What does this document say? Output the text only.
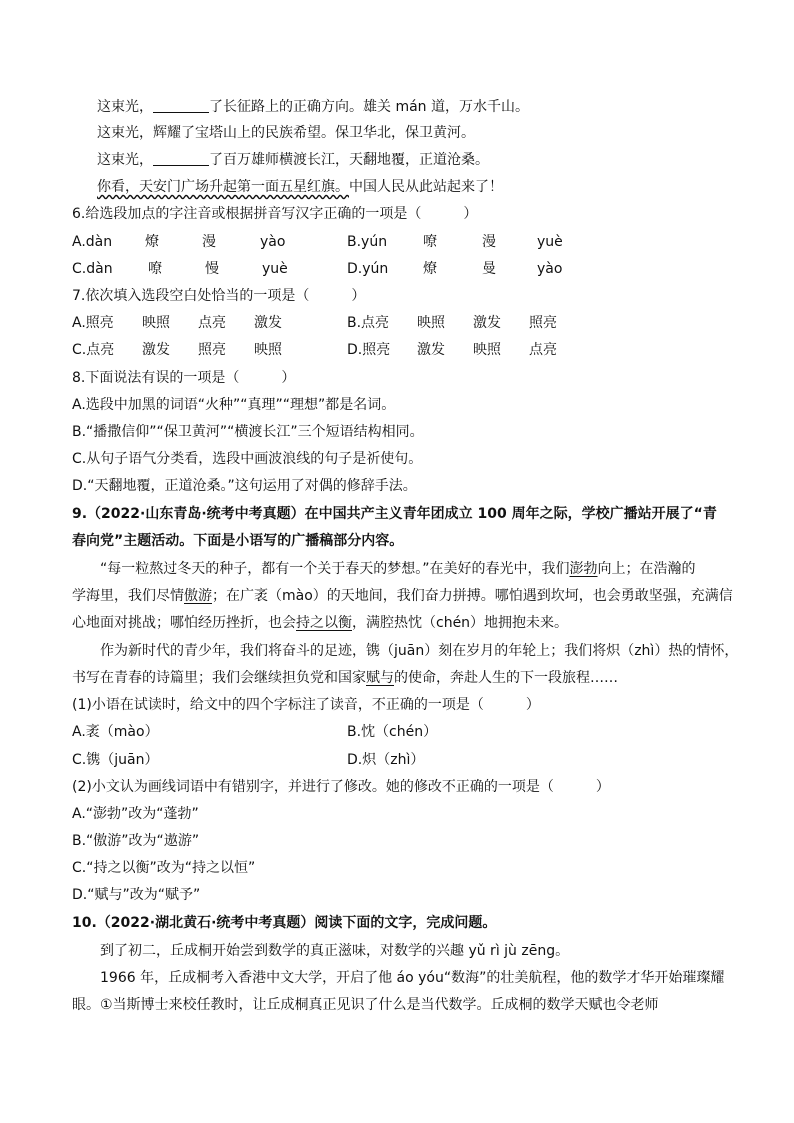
这束光，	了长征路上的正确方向。雄关 mán 道，万水千山。
这束光，辉耀了宝塔山上的民族希望。保卫华北，保卫黄河。
这束光，	了百万雄师横渡长江，天翻地覆，正道沧桑。
你看，天安门广场升起第一面五星红旗。中国人民从此站起来了！
6.给选段加点的字注音或根据拼音写汉字正确的一项是（　　　）
A.dàn 燎	漫	yào	B.yún	嘹	漫	yuè
C.dàn	嘹	慢	yuè	D.yún 燎	曼	yào
7.依次填入选段空白处恰当的一项是（　　　）
A.照亮 映照 点亮 激发	B.点亮 映照 激发 照亮
C.点亮 激发 照亮 映照	D.照亮 激发 映照 点亮
8.下面说法有误的一项是（　　　）
A.选段中加黑的词语“火种”“真理”“理想”都是名词。
B.“播撒信仰”“保卫黄河”“横渡长江”三个短语结构相同。
C.从句子语气分类看，选段中画波浪线的句子是祈使句。
D.“天翻地覆，正道沧桑。”这句运用了对偶的修辞手法。
9.（2022·山东青岛·统考中考真题）在中国共产主义青年团成立 100 周年之际，学校广播站开展了“青
春向党”主题活动。下面是小语写的广播稿部分内容。
　　“每一粒熬过冬天的种子，都有一个关于春天的梦想。”在美好的春光中，我们澎勃向上；在浩瀚的
学海里，我们尽情傲游；在广袤（mào）的天地间，我们奋力拼搏。哪怕遇到坎坷，也会勇敢坚强，充满信
心地面对挑战；哪怕经历挫折，也会持之以衡，满腔热忱（chén）地拥抱未来。
　　作为新时代的青少年，我们将奋斗的足迹，镌（juān）刻在岁月的年轮上；我们将炽（zhì）热的情怀，
书写在青春的诗篇里；我们会继续担负党和国家赋与的使命，奔赴人生的下一段旅程……
(1)小语在试读时，给文中的四个字标注了读音，不正确的一项是（　　　）
A.袤（mào）	B.忱（chén）
C.镌（juān）	D.炽（zhì）
(2)小文认为画线词语中有错别字，并进行了修改。她的修改不正确的一项是（　　　）
A.“澎勃”改为“蓬勃”
B.“傲游”改为“遨游”
C.“持之以衡”改为“持之以恒”
D.“赋与”改为“赋予”
10.（2022·湖北黄石·统考中考真题）阅读下面的文字，完成问题。
　　到了初二，丘成桐开始尝到数学的真正滋味，对数学的兴趣 yǔ rì jù zēng。
　　1966 年，丘成桐考入香港中文大学，开启了他 áo yóu“数海”的壮美航程，他的数学才华开始璀璨耀
眼。①当斯博士来校任教时，让丘成桐真正见识了什么是当代数学。丘成桐的数学天赋也令老师
